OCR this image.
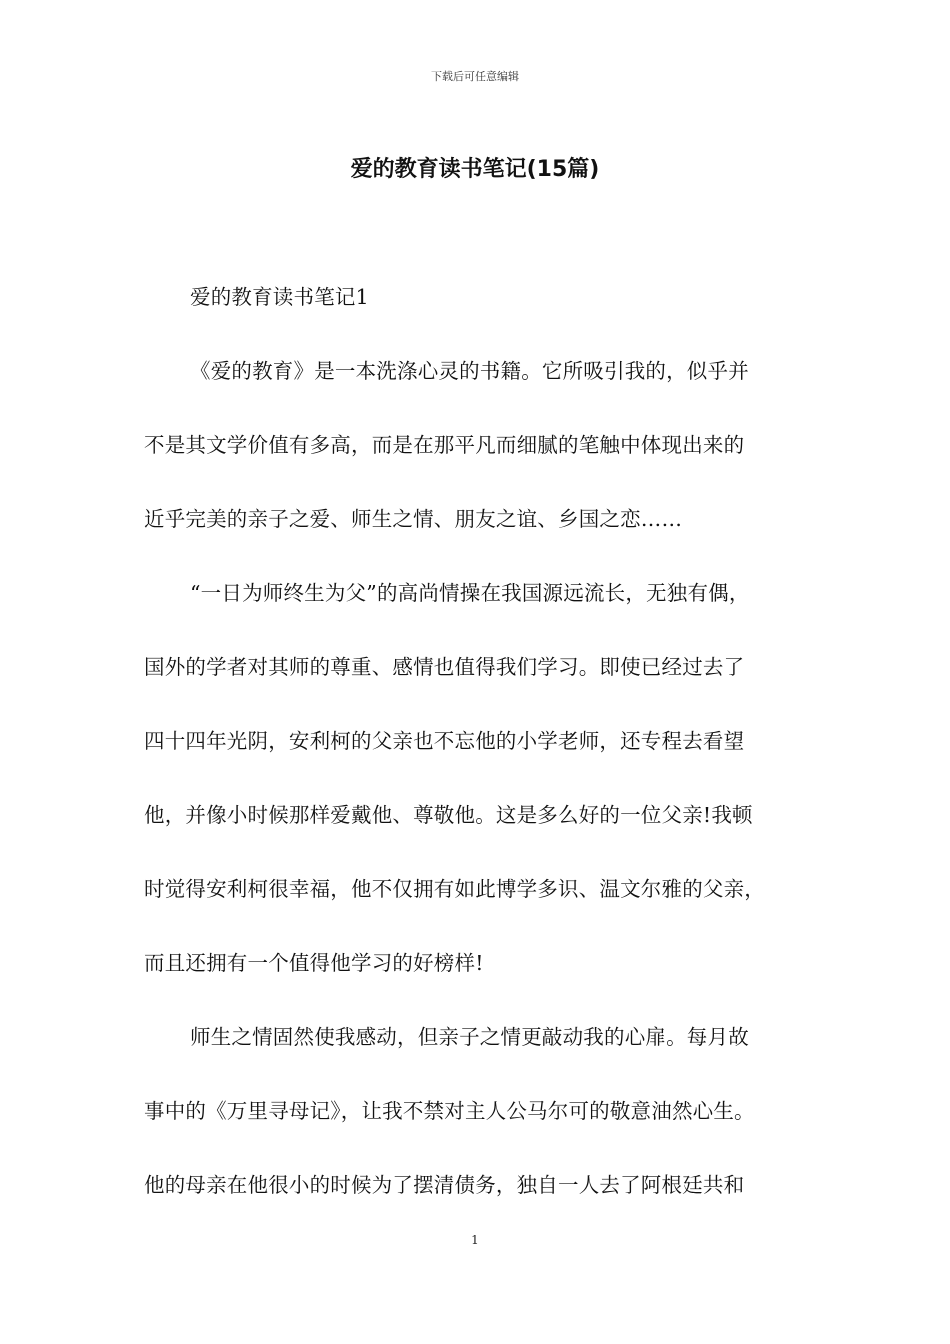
下载后可任意编辑
爱的教育读书笔记(15篇)
爱的教育读书笔记1
《爱的教育》是一本洗涤心灵的书籍。它所吸引我的，似乎并
不是其文学价值有多高，而是在那平凡而细腻的笔触中体现出来的
近乎完美的亲子之爱、师生之情、朋友之谊、乡国之恋……
“一日为师终生为父”的高尚情操在我国源远流长，无独有偶，
国外的学者对其师的尊重、感情也值得我们学习。即使已经过去了
四十四年光阴，安利柯的父亲也不忘他的小学老师，还专程去看望
他，并像小时候那样爱戴他、尊敬他。这是多么好的一位父亲!我顿
时觉得安利柯很幸福，他不仅拥有如此博学多识、温文尔雅的父亲，
而且还拥有一个值得他学习的好榜样!
师生之情固然使我感动，但亲子之情更敲动我的心扉。每月故
事中的《万里寻母记》，让我不禁对主人公马尔可的敬意油然心生。
他的母亲在他很小的时候为了摆清债务，独自一人去了阿根廷共和
1
